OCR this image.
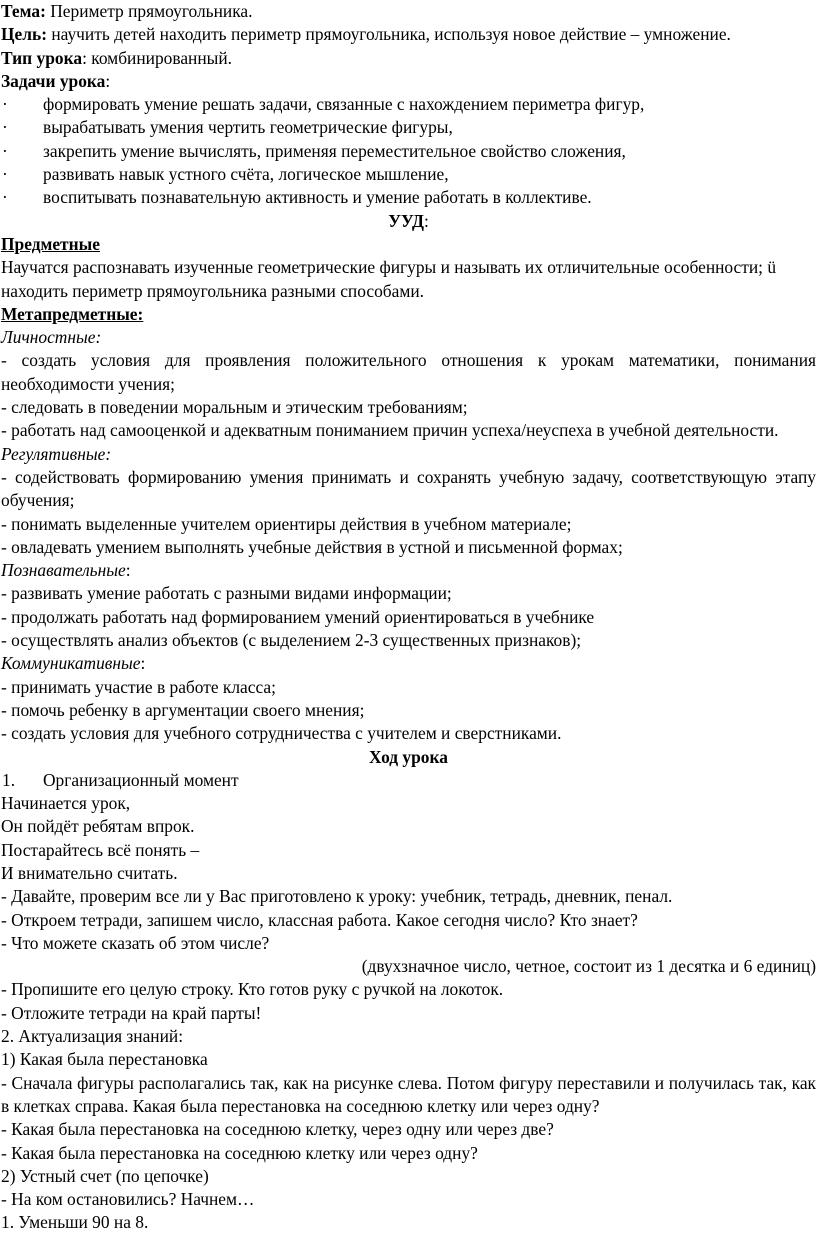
Тема: Периметр прямоугольника.
Цель: научить детей находить периметр прямоугольника, используя новое действие – умножение.
Тип урока: комбинированный.
Задачи урока:
· формировать умение решать задачи, связанные с нахождением периметра фигур,
· вырабатывать умения чертить геометрические фигуры,
· закрепить умение вычислять, применяя переместительное свойство сложения,
· развивать навык устного счёта, логическое мышление,
· воспитывать познавательную активность и умение работать в коллективе.
УУД:
Предметные
Научатся распознавать изученные геометрические фигуры и называть их отличительные особенности; ü находить периметр прямоугольника разными способами.
Метапредметные:
Личностные:
- создать условия для проявления положительного отношения к урокам математики, понимания необходимости учения;
- следовать в поведении моральным и этическим требованиям;
- работать над самооценкой и адекватным пониманием причин успеха/неуспеха в учебной деятельности.
Регулятивные:
- содействовать формированию умения принимать и сохранять учебную задачу, соответствующую этапу обучения;
- понимать выделенные учителем ориентиры действия в учебном материале;
- овладевать умением выполнять учебные действия в устной и письменной формах;
Познавательные:
- развивать умение работать с разными видами информации;
- продолжать работать над формированием умений ориентироваться в учебнике
- осуществлять анализ объектов (с выделением 2-3 существенных признаков);
Коммуникативные:
- принимать участие в работе класса;
- помочь ребенку в аргументации своего мнения;
- создать условия для учебного сотрудничества с учителем и сверстниками.
Ход урока
1. Организационный момент
Начинается урок,
Он пойдёт ребятам впрок.
Постарайтесь всё понять –
И внимательно считать.
- Давайте, проверим все ли у Вас приготовлено к уроку: учебник, тетрадь, дневник, пенал.
- Откроем тетради, запишем число, классная работа. Какое сегодня число? Кто знает?
- Что можете сказать об этом числе?
(двухзначное число, четное, состоит из 1 десятка и 6 единиц)
- Пропишите его целую строку. Кто готов руку с ручкой на локоток.
- Отложите тетради на край парты!
2. Актуализация знаний:
1) Какая была перестановка
- Сначала фигуры располагались так, как на рисунке слева. Потом фигуру переставили и получилась так, как в клетках справа. Какая была перестановка на соседнюю клетку или через одну?
- Какая была перестановка на соседнюю клетку, через одну или через две?
- Какая была перестановка на соседнюю клетку или через одну?
2) Устный счет (по цепочке)
- На ком остановились? Начнем…
1. Уменьши 90 на 8.
